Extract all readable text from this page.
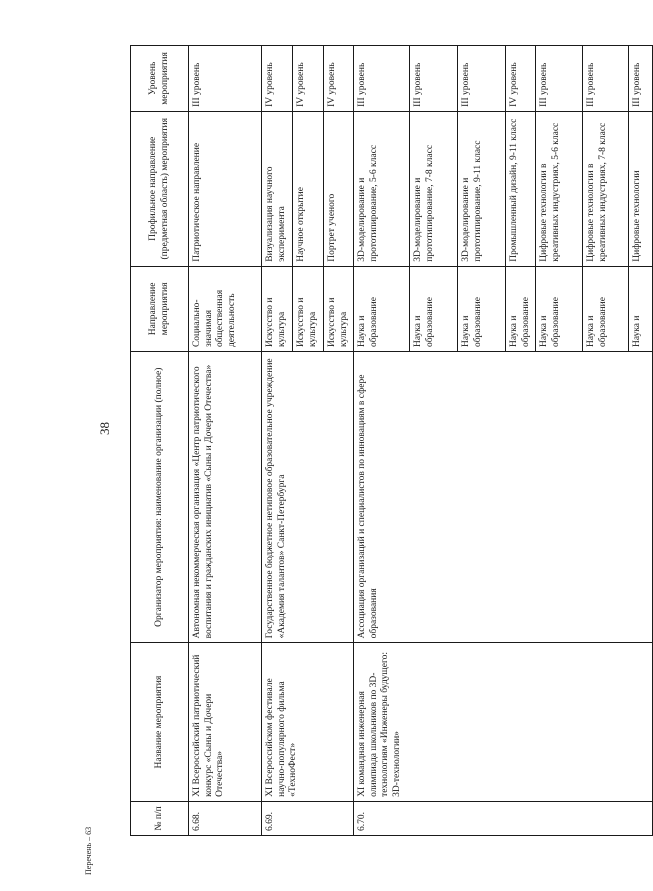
38
№ п/п	Название мероприятия	Организатор мероприятия: наименование организации (полное)	Направление мероприятия	Профильное направление (предметная область) мероприятия	Уровень мероприятия
6.68.	XI Всероссийский патриотический конкурс «Сыны и Дочери Отечества»	Автономная некоммерческая организация «Центр патриотического воспитания и гражданских инициатив «Сыны и Дочери Отечества»	Социально-значимая общественная деятельность	Патриотическое направление	III уровень
6.69.	XI Всероссийском фестивале научно-популярного фильма «ТехноФест»	Государственное бюджетное нетиповое образовательное учреждение «Академия талантов» Санкт-Петербурга	Искусство и культура	Визуализация научного эксперимента	IV уровень
			Искусство и культура	Научное открытие	IV уровень
			Искусство и культура	Портрет ученого	IV уровень
6.70.	XI командная инженерная олимпиада школьников по 3D-технологиям «Инженеры будущего: 3D-технологии»	Ассоциация организаций и специалистов по инновациям в сфере образования	Наука и образование	3D-моделирование и прототипирование, 5-6 класс	III уровень
			Наука и образование	3D-моделирование и прототипирование, 7-8 класс	III уровень
			Наука и образование	3D-моделирование и прототипирование, 9-11 класс	III уровень
			Наука и образование	Промышленный дизайн, 9-11 класс	IV уровень
			Наука и образование	Цифровые технологии в креативных индустриях, 5-6 класс	III уровень
			Наука и образование	Цифровые технологии в креативных индустриях, 7-8 класс	III уровень
			Наука и	Цифровые технологии	III уровень
Перечень – 63
